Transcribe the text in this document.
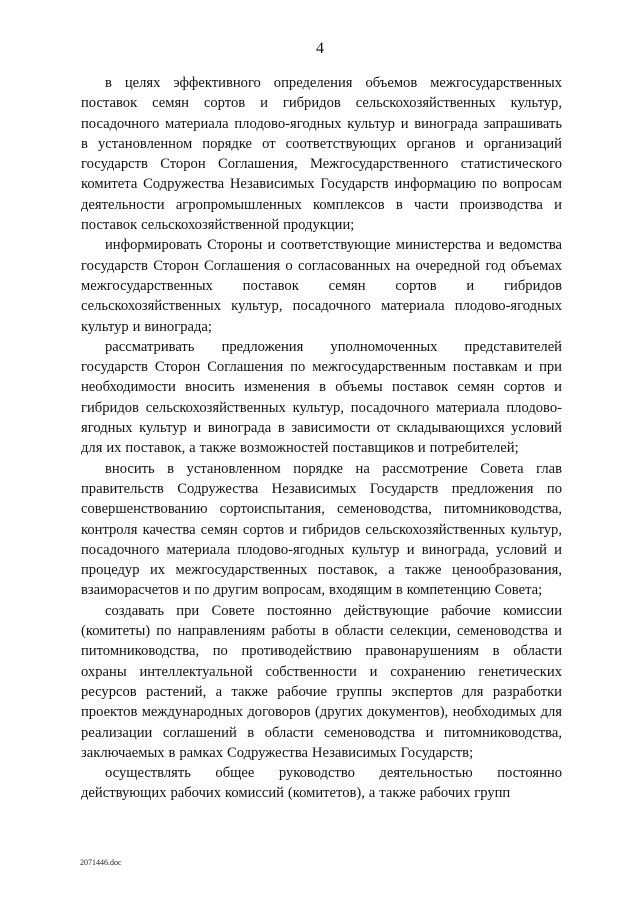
4

в целях эффективного определения объемов межгосударственных поставок семян сортов и гибридов сельскохозяйственных культур, посадочного материала плодово-ягодных культур и винограда запрашивать в установленном порядке от соответствующих органов и организаций государств Сторон Соглашения, Межгосударственного статистического комитета Содружества Независимых Государств информацию по вопросам деятельности агропромышленных комплексов в части производства и поставок сельскохозяйственной продукции;

информировать Стороны и соответствующие министерства и ведомства государств Сторон Соглашения о согласованных на очередной год объемах межгосударственных поставок семян сортов и гибридов сельскохозяйственных культур, посадочного материала плодово-ягодных культур и винограда;

рассматривать предложения уполномоченных представителей государств Сторон Соглашения по межгосударственным поставкам и при необходимости вносить изменения в объемы поставок семян сортов и гибридов сельскохозяйственных культур, посадочного материала плодово-ягодных культур и винограда в зависимости от складывающихся условий для их поставок, а также возможностей поставщиков и потребителей;

вносить в установленном порядке на рассмотрение Совета глав правительств Содружества Независимых Государств предложения по совершенствованию сортоиспытания, семеноводства, питомниководства, контроля качества семян сортов и гибридов сельскохозяйственных культур, посадочного материала плодово-ягодных культур и винограда, условий и процедур их межгосударственных поставок, а также ценообразования, взаиморасчетов и по другим вопросам, входящим в компетенцию Совета;

создавать при Совете постоянно действующие рабочие комиссии (комитеты) по направлениям работы в области селекции, семеноводства и питомниководства, по противодействию правонарушениям в области охраны интеллектуальной собственности и сохранению генетических ресурсов растений, а также рабочие группы экспертов для разработки проектов международных договоров (других документов), необходимых для реализации соглашений в области семеноводства и питомниководства, заключаемых в рамках Содружества Независимых Государств;

осуществлять общее руководство деятельностью постоянно действующих рабочих комиссий (комитетов), а также рабочих групп

2071446.doc
